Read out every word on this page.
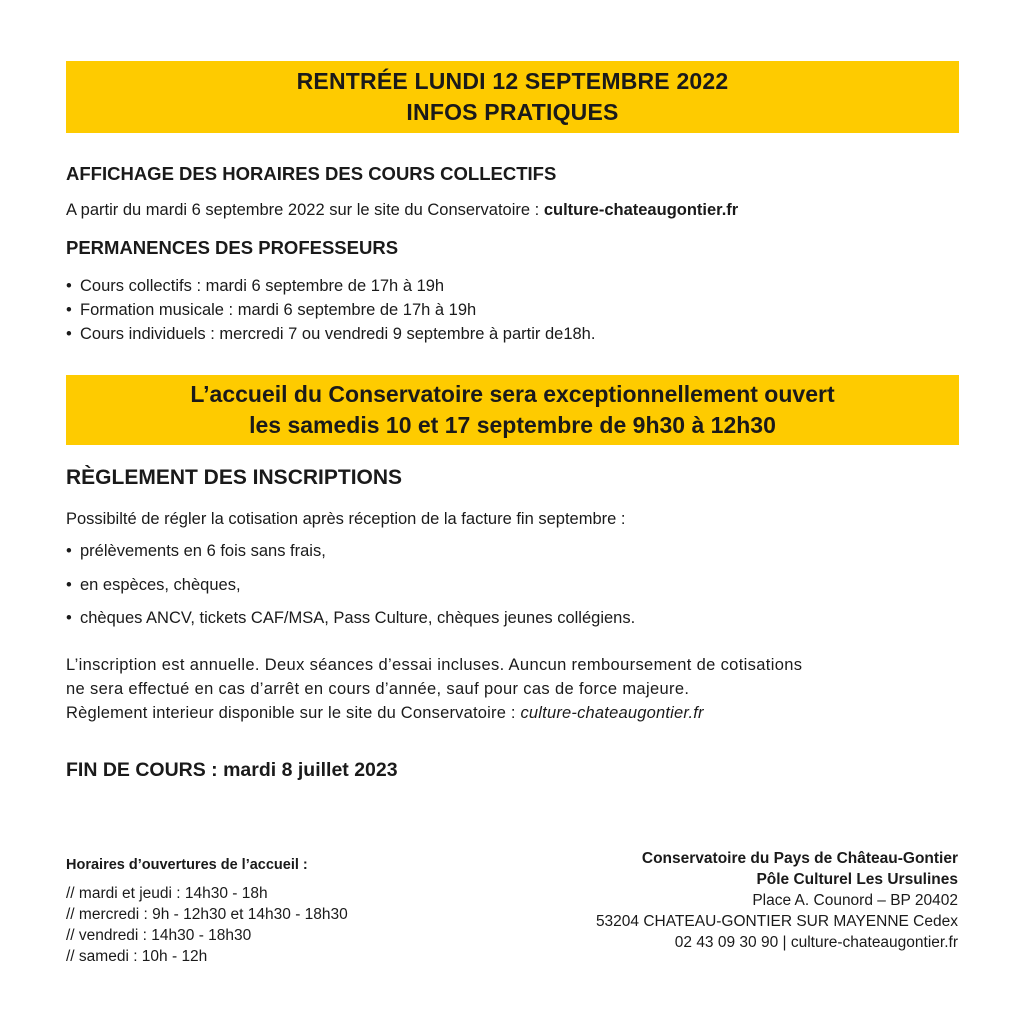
RENTRÉE LUNDI 12 SEPTEMBRE 2022
INFOS PRATIQUES
AFFICHAGE DES HORAIRES DES COURS COLLECTIFS
A partir du mardi 6 septembre 2022 sur le site du Conservatoire : culture-chateaugontier.fr
PERMANENCES DES PROFESSEURS
• Cours collectifs : mardi 6 septembre de 17h à 19h
• Formation musicale : mardi 6 septembre de 17h à 19h
• Cours individuels : mercredi 7 ou vendredi 9 septembre à partir de18h.
L’accueil du Conservatoire sera exceptionnellement ouvert
les samedis 10 et 17 septembre de 9h30 à 12h30
RÈGLEMENT DES INSCRIPTIONS
Possibilté de régler la cotisation après réception de la facture fin septembre :
• prélèvements en 6 fois sans frais,
• en espèces, chèques,
• chèques ANCV, tickets CAF/MSA, Pass Culture, chèques jeunes collégiens.
L’inscription est annuelle. Deux séances d’essai incluses. Auncun remboursement de cotisations
ne sera effectué en cas d’arrêt en cours d’année, sauf pour cas de force majeure.
Règlement interieur disponible sur le site du Conservatoire : culture-chateaugontier.fr
FIN DE COURS : mardi 8 juillet 2023
Horaires d’ouvertures de l’accueil :
// mardi et jeudi : 14h30 - 18h
// mercredi : 9h - 12h30 et 14h30 - 18h30
// vendredi : 14h30 - 18h30
// samedi : 10h - 12h
Conservatoire du Pays de Château-Gontier
Pôle Culturel Les Ursulines
Place A. Counord – BP 20402
53204 CHATEAU-GONTIER SUR MAYENNE Cedex
02 43 09 30 90 | culture-chateaugontier.fr
